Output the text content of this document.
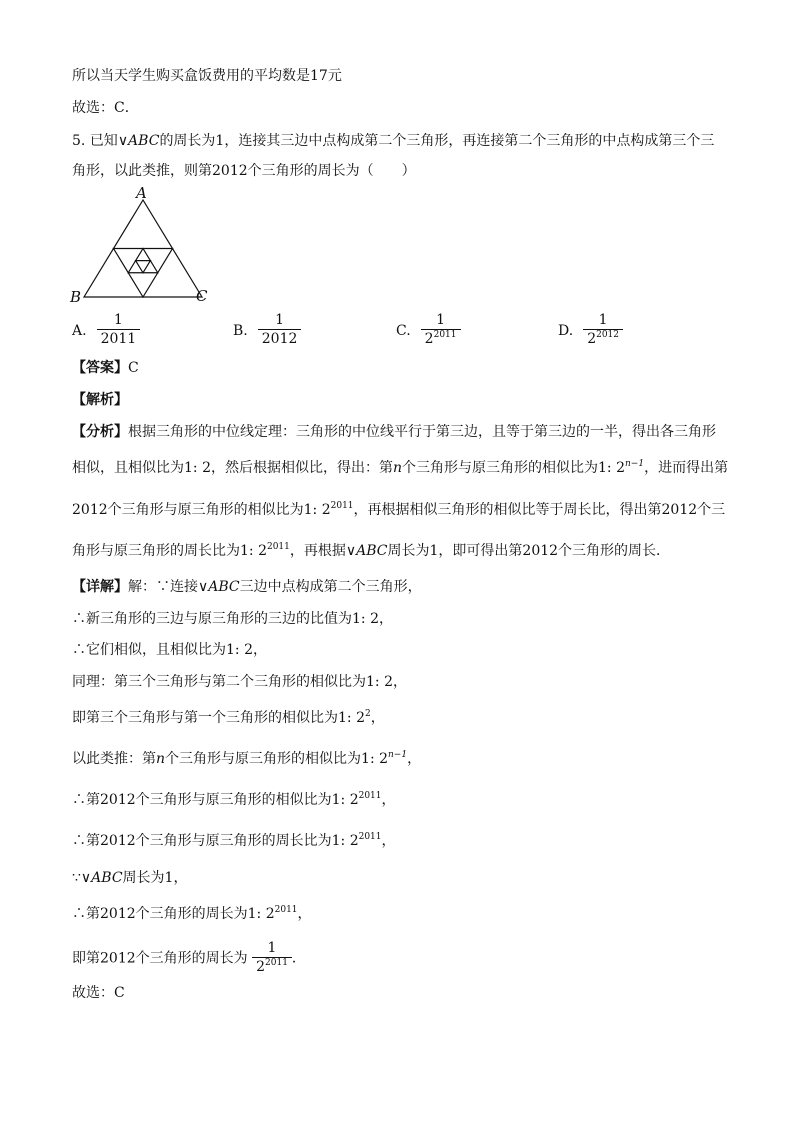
所以当天学生购买盒饭费用的平均数是17元
故选：C．
5. 已知∨ABC的周长为1，连接其三边中点构成第二个三角形，再连接第二个三角形的中点构成第三个三
角形，以此类推，则第2012个三角形的周长为（　　）
A
B	C
A. $\frac{1}{2011}$	B. $\frac{1}{2012}$	C. $\frac{1}{2^{2011}}$	D. $\frac{1}{2^{2012}}$
【答案】C
【解析】
【分析】根据三角形的中位线定理：三角形的中位线平行于第三边，且等于第三边的一半，得出各三角形
相似，且相似比为1: 2，然后根据相似比，得出：第n个三角形与原三角形的相似比为1: $2^{n-1}$，进而得出第
2012个三角形与原三角形的相似比为1: $2^{2011}$，再根据相似三角形的相似比等于周长比，得出第2012个三
角形与原三角形的周长比为1: $2^{2011}$，再根据∨ABC周长为1，即可得出第2012个三角形的周长．
【详解】解：∵连接∨ABC三边中点构成第二个三角形，
∴新三角形的三边与原三角形的三边的比值为1: 2，
∴它们相似，且相似比为1: 2，
同理：第三个三角形与第二个三角形的相似比为1: 2，
即第三个三角形与第一个三角形的相似比为1: $2^2$，
以此类推：第n个三角形与原三角形的相似比为1: $2^{n-1}$，
∴第2012个三角形与原三角形的相似比为1: $2^{2011}$，
∴第2012个三角形与原三角形的周长比为1: $2^{2011}$，
∵∨ABC周长为1，
∴第2012个三角形的周长为1: $2^{2011}$，
即第2012个三角形的周长为 $\frac{1}{2^{2011}}$ ．
故选：C
